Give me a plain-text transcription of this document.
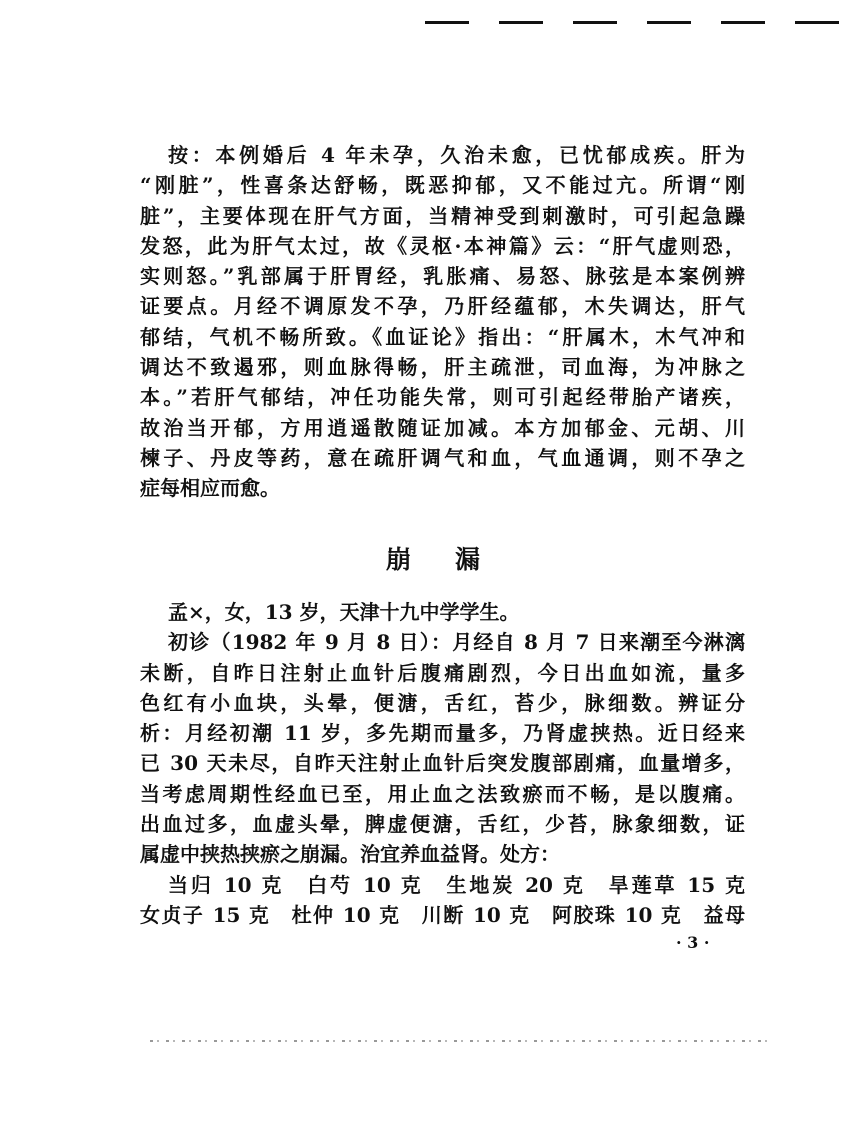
按：本例婚后 4 年未孕，久治未愈，已忧郁成疾。肝为
“刚脏”，性喜条达舒畅，既恶抑郁，又不能过亢。所谓“刚
脏”，主要体现在肝气方面，当精神受到刺激时，可引起急躁
发怒，此为肝气太过，故《灵枢·本神篇》云：“肝气虚则恐，
实则怒。”乳部属于肝胃经，乳胀痛、易怒、脉弦是本案例辨
证要点。月经不调原发不孕，乃肝经蕴郁，木失调达，肝气
郁结，气机不畅所致。《血证论》指出：“肝属木，木气冲和
调达不致遏邪，则血脉得畅，肝主疏泄，司血海，为冲脉之
本。”若肝气郁结，冲任功能失常，则可引起经带胎产诸疾，
故治当开郁，方用逍遥散随证加减。本方加郁金、元胡、川
楝子、丹皮等药，意在疏肝调气和血，气血通调，则不孕之
症每相应而愈。
崩漏
孟×，女，13 岁，天津十九中学学生。
初诊（1982 年 9 月 8 日）：月经自 8 月 7 日来潮至今淋漓
未断，自昨日注射止血针后腹痛剧烈，今日出血如流，量多
色红有小血块，头晕，便溏，舌红，苔少，脉细数。辨证分
析：月经初潮 11 岁，多先期而量多，乃肾虚挟热。近日经来
已 30 天未尽，自昨天注射止血针后突发腹部剧痛，血量增多，
当考虑周期性经血已至，用止血之法致瘀而不畅，是以腹痛。
出血过多，血虚头晕，脾虚便溏，舌红，少苔，脉象细数，证
属虚中挟热挟瘀之崩漏。治宜养血益肾。处方：
当归 10 克　白芍 10 克　生地炭 20 克　旱莲草 15 克
女贞子 15 克　杜仲 10 克　川断 10 克　阿胶珠 10 克　益母
· 3 ·
